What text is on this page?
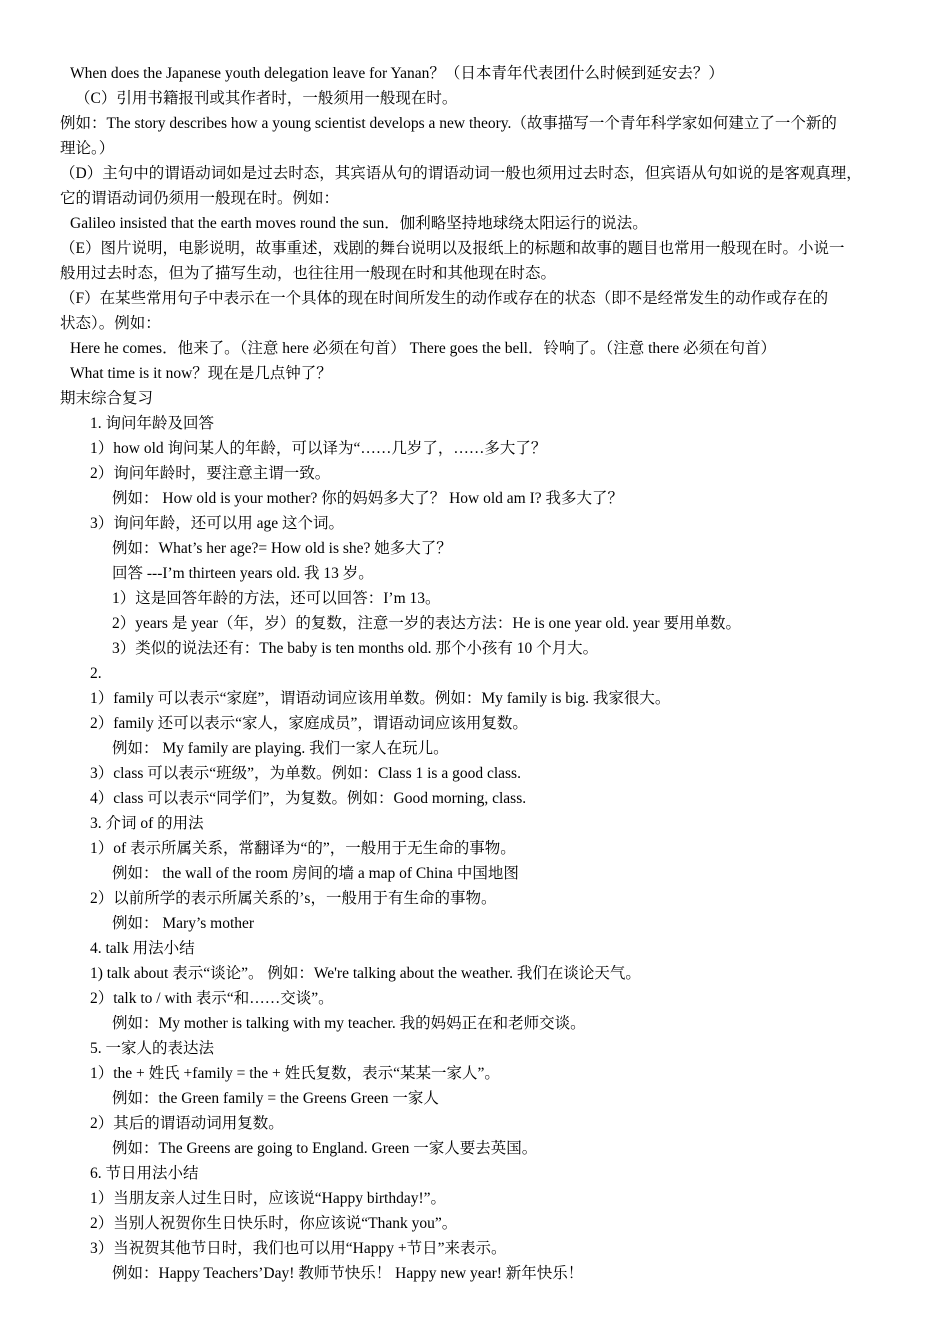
When does the Japanese youth delegation leave for Yanan？（日本青年代表团什么时候到延安去？）
（C）引用书籍报刊或其作者时，一般须用一般现在时。
例如：The story describes how a young scientist develops a new theory.（故事描写一个青年科学家如何建立了一个新的
理论。）
（D）主句中的谓语动词如是过去时态，其宾语从句的谓语动词一般也须用过去时态，但宾语从句如说的是客观真理，
它的谓语动词仍须用一般现在时。例如：
Galileo insisted that the earth moves round the sun．伽利略坚持地球绕太阳运行的说法。
（E）图片说明，电影说明，故事重述，戏剧的舞台说明以及报纸上的标题和故事的题目也常用一般现在时。小说一
般用过去时态，但为了描写生动，也往往用一般现在时和其他现在时态。
（F）在某些常用句子中表示在一个具体的现在时间所发生的动作或存在的状态（即不是经常发生的动作或存在的
状态）。例如：
Here he comes．他来了。（注意 here 必须在句首） There goes the bell．铃响了。（注意 there 必须在句首）
What time is it now？现在是几点钟了？
期末综合复习
1. 询问年龄及回答
1）how old 询问某人的年龄，可以译为“……几岁了，……多大了？
2）询问年龄时，要注意主谓一致。
例如： How old is your mother? 你的妈妈多大了？ How old am I? 我多大了？
3）询问年龄，还可以用 age 这个词。
例如：What’s her age?= How old is she? 她多大了？
回答 ---I’m thirteen years old. 我 13 岁。
1）这是回答年龄的方法，还可以回答：I’m 13。
2）years 是 year（年，岁）的复数，注意一岁的表达方法：He is one year old. year 要用单数。
3）类似的说法还有：The baby is ten months old. 那个小孩有 10 个月大。
2.
1）family 可以表示“家庭”，谓语动词应该用单数。例如：My family is big. 我家很大。
2）family 还可以表示“家人，家庭成员”，谓语动词应该用复数。
例如： My family are playing. 我们一家人在玩儿。
3）class 可以表示“班级”，为单数。例如：Class 1 is a good class.
4）class 可以表示“同学们”，为复数。例如：Good morning, class.
3. 介词 of 的用法
1）of 表示所属关系，常翻译为“的”，一般用于无生命的事物。
例如： the wall of the room 房间的墙 a map of China 中国地图
2）以前所学的表示所属关系的’s，一般用于有生命的事物。
例如： Mary’s mother
4. talk 用法小结
1) talk about 表示“谈论”。 例如：We're talking about the weather. 我们在谈论天气。
2）talk to / with 表示“和……交谈”。
例如：My mother is talking with my teacher. 我的妈妈正在和老师交谈。
5. 一家人的表达法
1）the + 姓氏 +family = the + 姓氏复数，表示“某某一家人”。
例如：the Green family = the Greens Green 一家人
2）其后的谓语动词用复数。
例如：The Greens are going to England. Green 一家人要去英国。
6. 节日用法小结
1）当朋友亲人过生日时，应该说“Happy birthday!”。
2）当别人祝贺你生日快乐时，你应该说“Thank you”。
3）当祝贺其他节日时，我们也可以用“Happy +节日”来表示。
例如：Happy Teachers’Day! 教师节快乐！ Happy new year! 新年快乐！
